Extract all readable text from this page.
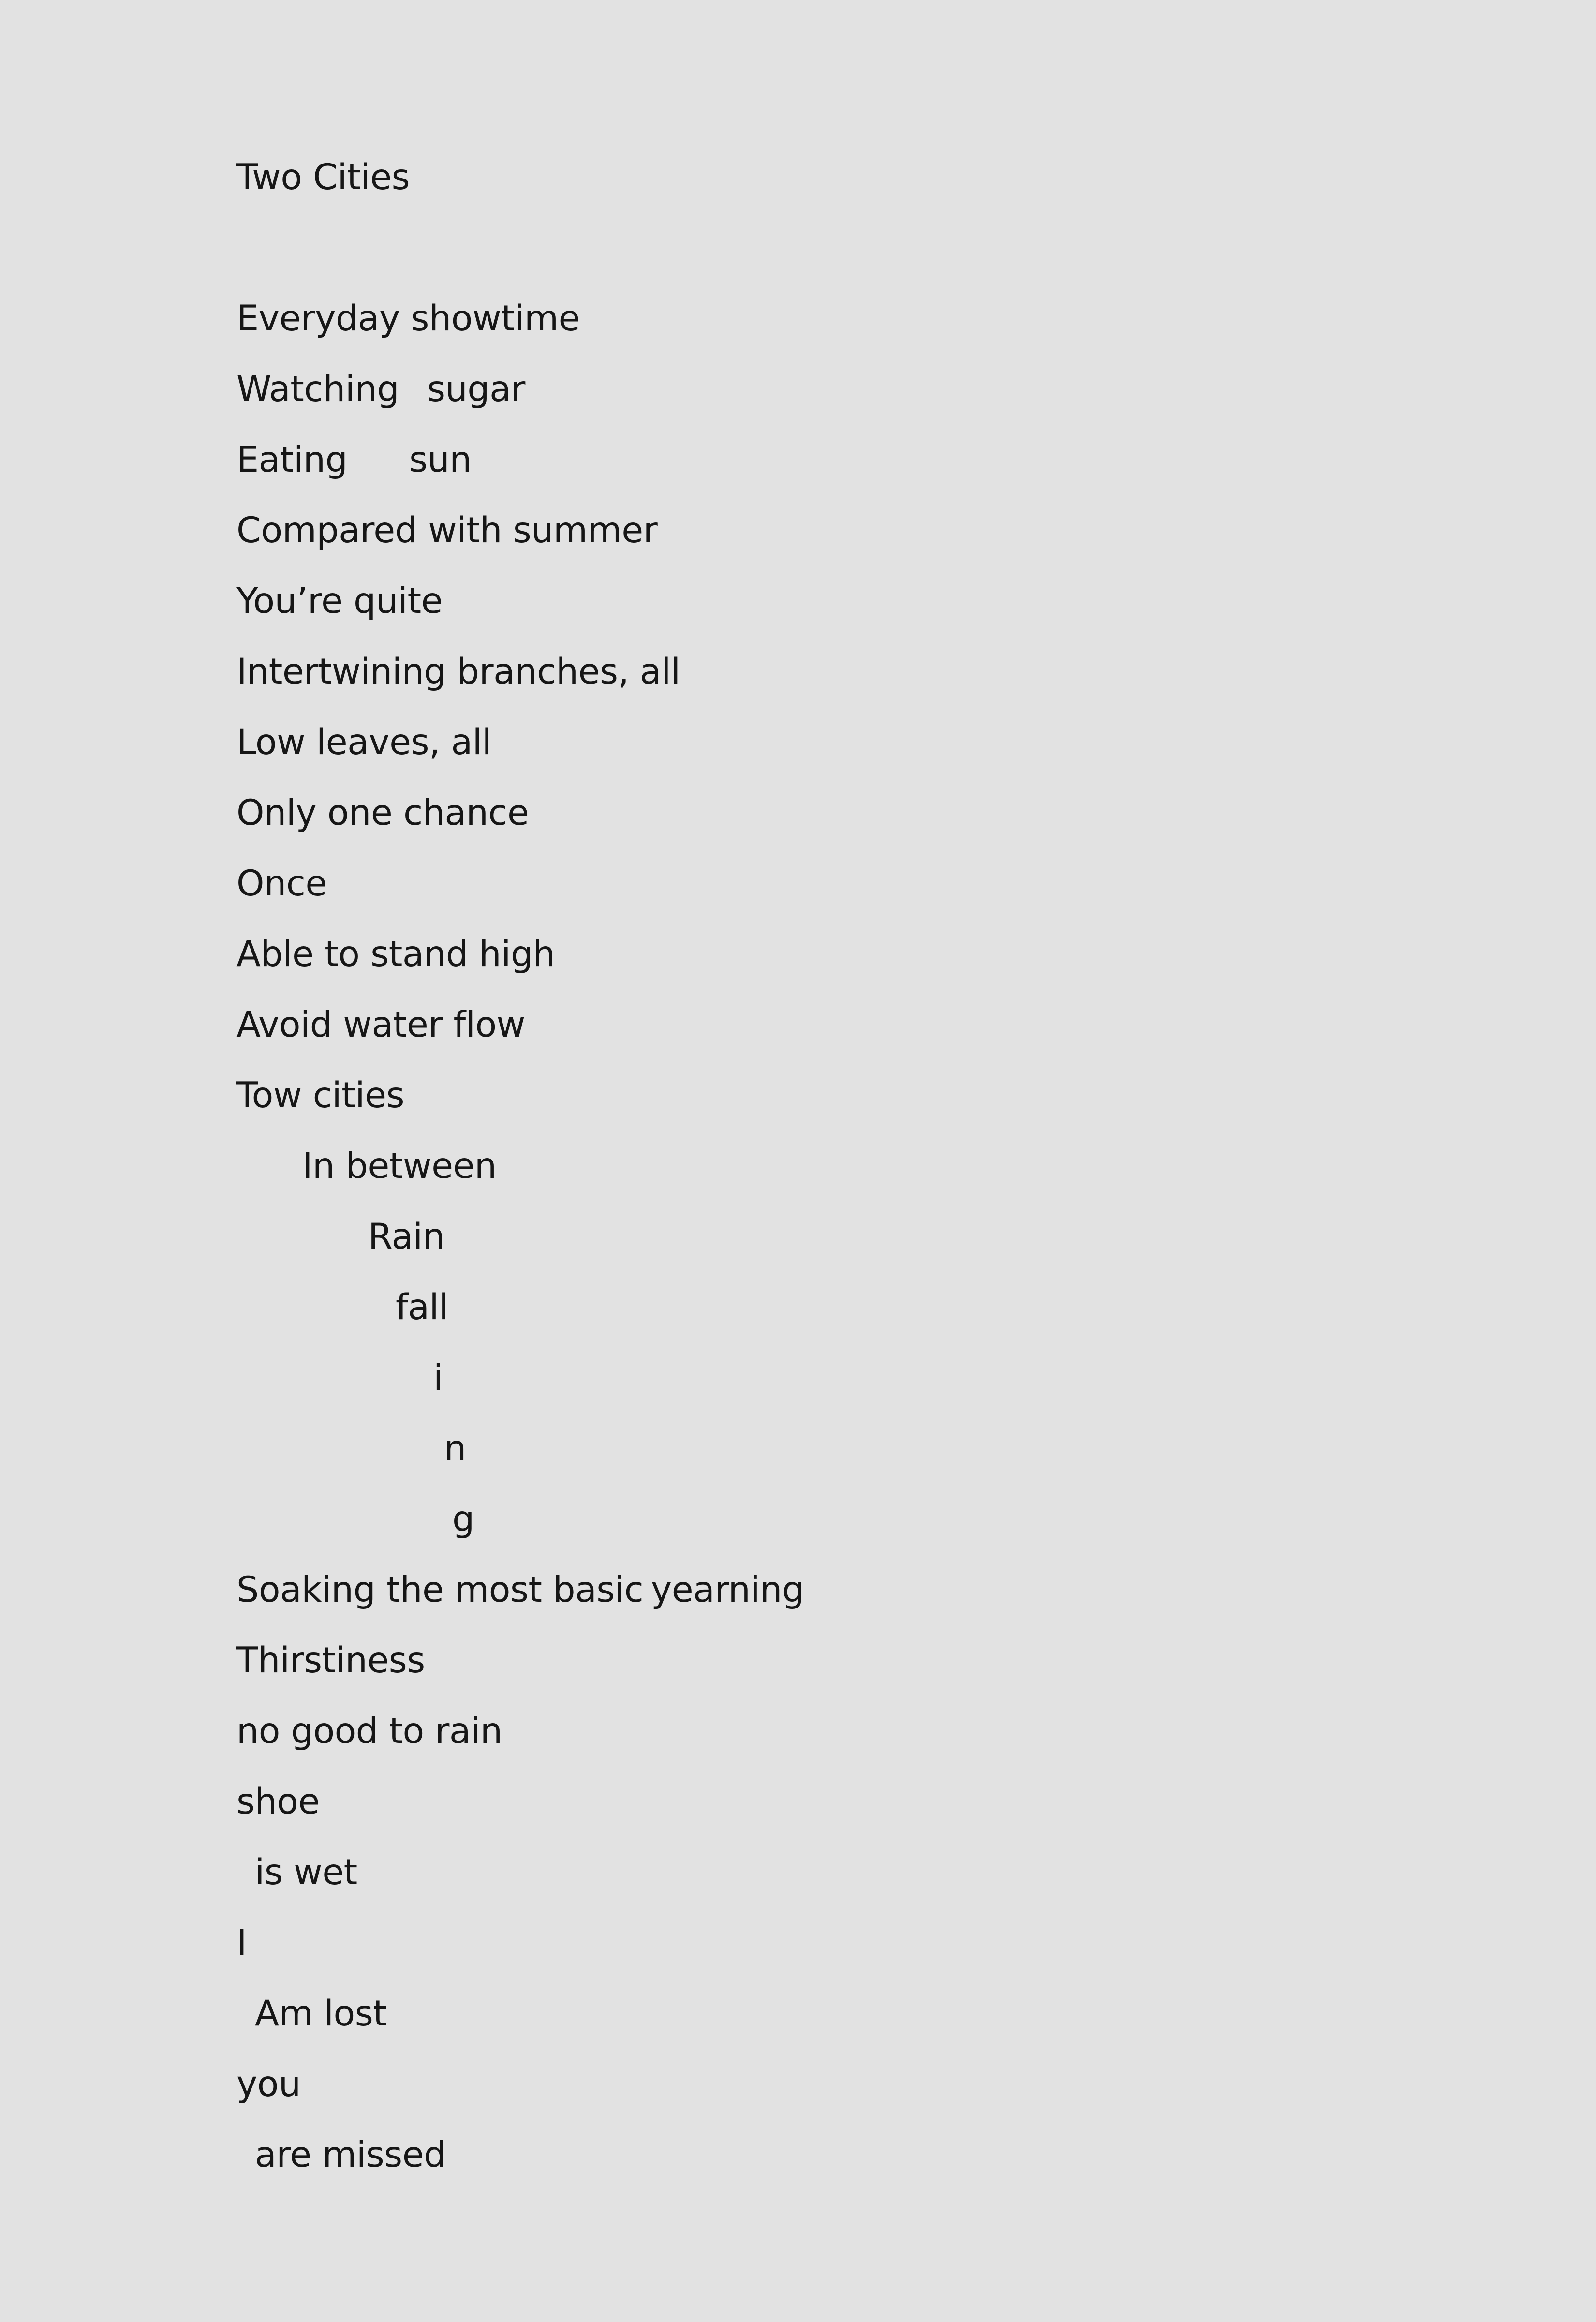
Two Cities
Everyday showtime
Watching sugar
Eating sun
Compared with summer
You’re quite
Intertwining branches, all
Low leaves, all
Only one chance
Once
Able to stand high
Avoid water flow
Tow cities
In between
Rain
fall
i
n
g
Soaking the most basic yearning
Thirstiness
no good to rain
shoe
is wet
I
Am lost
you
are missed
